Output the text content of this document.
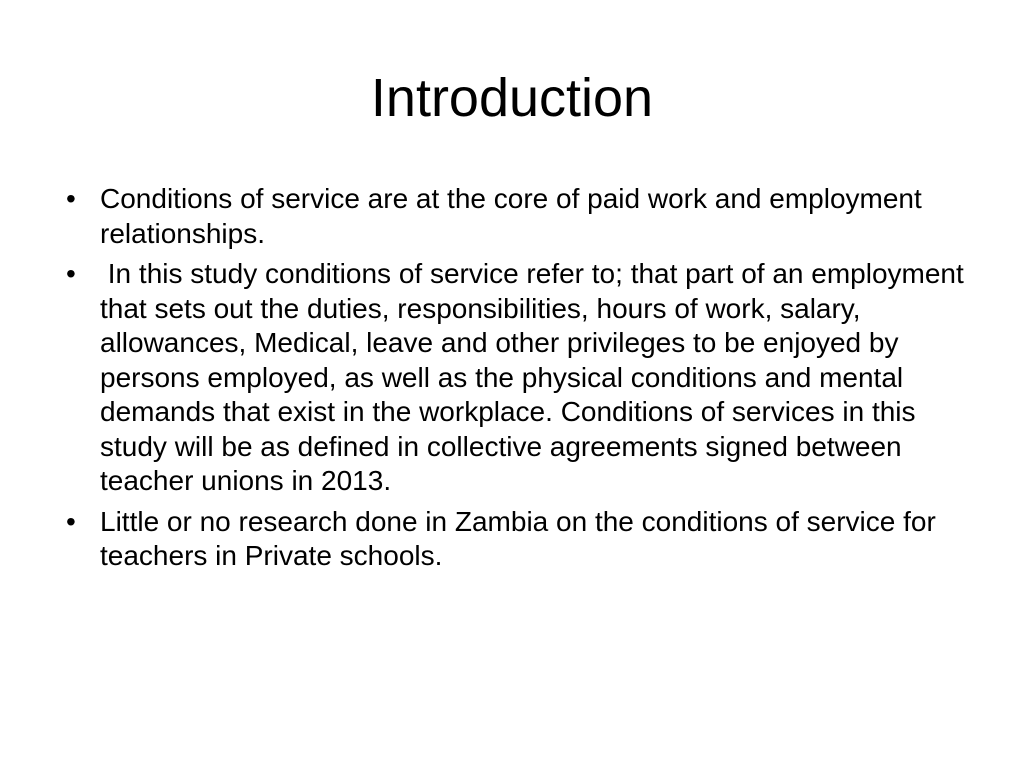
Introduction
• Conditions of service are at the core of paid work and employment relationships.
• In this study conditions of service refer to; that part of an employment that sets out the duties, responsibilities, hours of work, salary, allowances, Medical, leave and other privileges to be enjoyed by persons employed, as well as the physical conditions and mental demands that exist in the workplace. Conditions of services in this study will be as defined in collective agreements signed between  teacher unions in 2013.
• Little or no research done in Zambia on the conditions of service for teachers in Private schools.
